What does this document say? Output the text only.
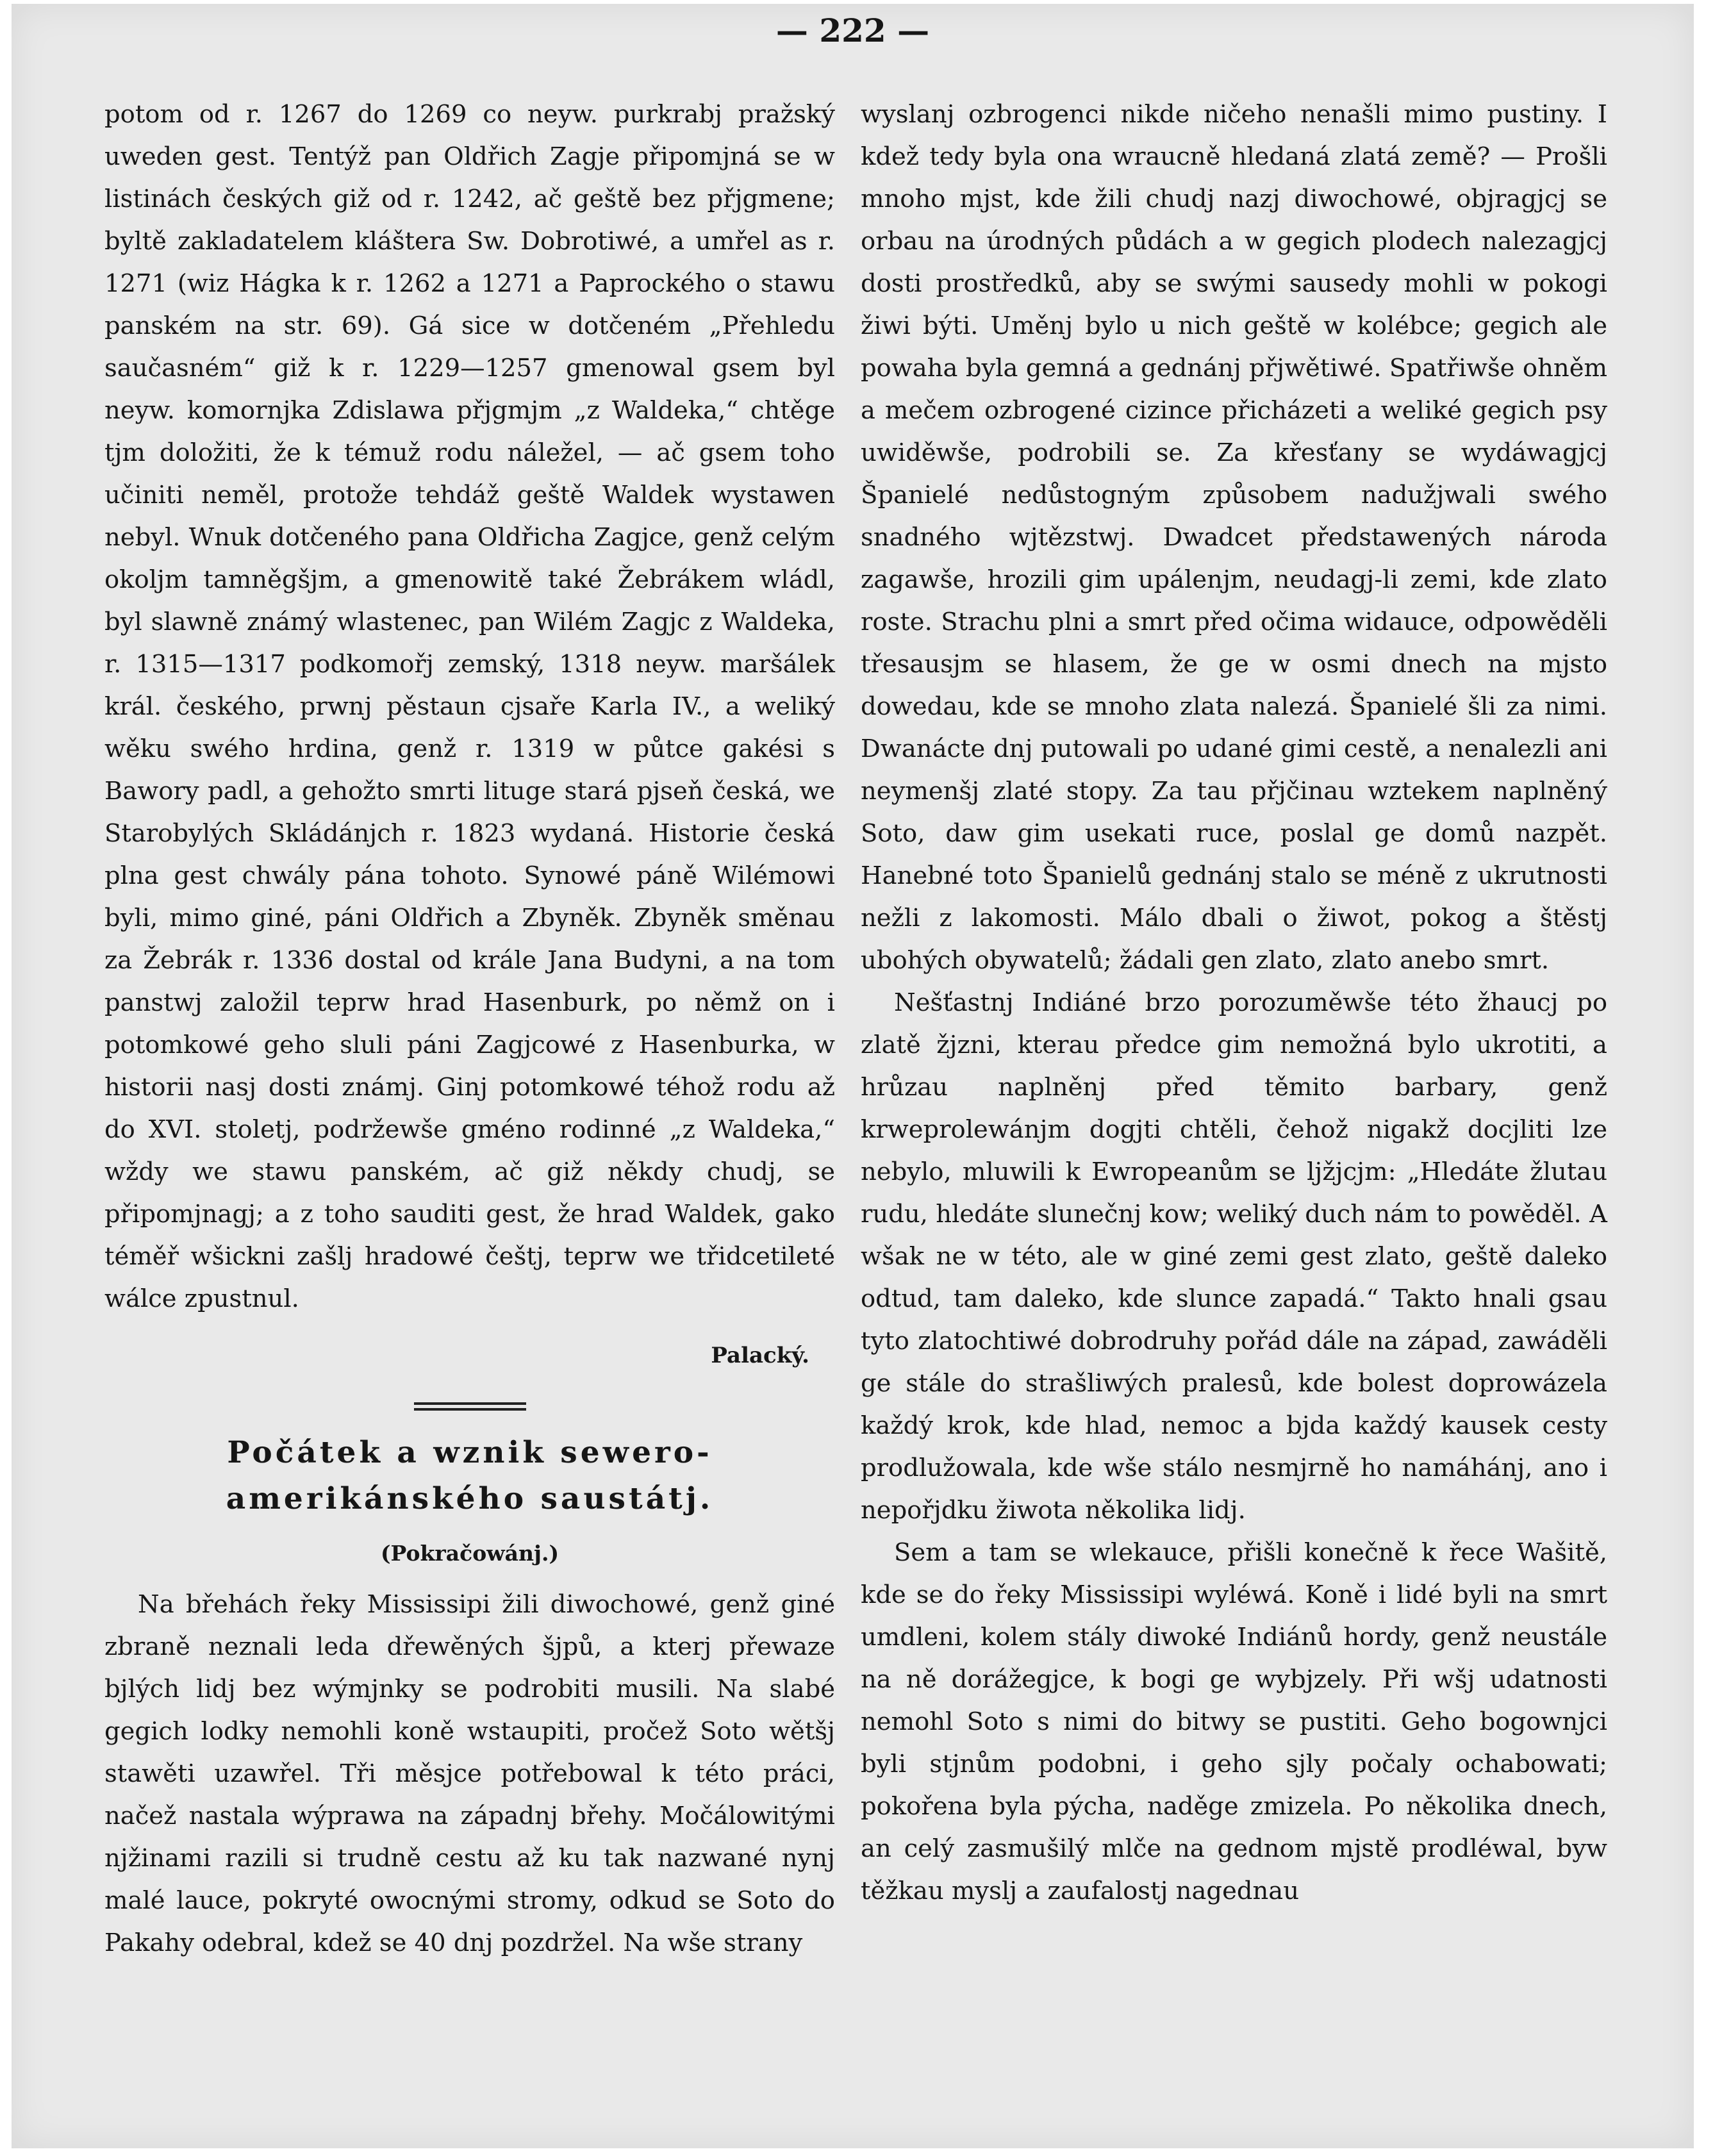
— 222 —

potom od r. 1267 do 1269 co neyw. purkrabj pražský uweden gest. Tentýž pan Oldřich Zagje připomjná se w listinách českých giž od r. 1242, ač geště bez přjgmene; byltě zakladatelem kláštera Sw. Dobrotiwé, a umřel as r. 1271 (wiz Hágka k r. 1262 a 1271 a Paprockého o stawu panském na str. 69). Gá sice w dotčeném „Přehledu saučasném“ giž k r. 1229—1257 gmenowal gsem byl neyw. komornjka Zdislawa přjgmjm „z Waldeka,“ chtěge tjm doložiti, že k témuž rodu náležel, — ač gsem toho učiniti neměl, protože tehdáž geště Waldek wystawen nebyl. Wnuk dotčeného pana Oldřicha Zagjce, genž celým okoljm tamněgšjm, a gmenowitě také Žebrákem wládl, byl slawně známý wlastenec, pan Wilém Zagjc z Waldeka, r. 1315—1317 podkomořj zemský, 1318 neyw. maršálek král. českého, prwnj pěstaun cjsaře Karla IV., a weliký wěku swého hrdina, genž r. 1319 w půtce gakési s Bawory padl, a gehožto smrti lituge stará pjseň česká, we Starobylých Skládánjch r. 1823 wydaná. Historie česká plna gest chwály pána tohoto. Synowé páně Wilémowi byli, mimo giné, páni Oldřich a Zbyněk. Zbyněk směnau za Žebrák r. 1336 dostal od krále Jana Budyni, a na tom panstwj založil teprw hrad Hasenburk, po němž on i potomkowé geho sluli páni Zagjcowé z Hasenburka, w historii nasj dosti známj. Ginj potomkowé téhož rodu až do XVI. stoletj, podržewše gméno rodinné „z Waldeka,“ wždy we stawu panském, ač giž někdy chudj, se připomjnagj; a z toho sauditi gest, že hrad Waldek, gako téměř wšickni zašlj hradowé češtj, teprw we třidcetileté wálce zpustnul.

Palacký.
Počátek a wznik sewero-amerikánského saustátj.
(Pokračowánj.)

Na břehách řeky Mississipi žili diwochowé, genž giné zbraně neznali leda dřewěných šjpů, a kterj přewaze bjlých lidj bez wýmjnky se podrobiti musili. Na slabé gegich lodky nemohli koně wstaupiti, pročež Soto wětšj stawěti uzawřel. Tři měsjce potřebowal k této práci, načež nastala wýprawa na západnj břehy. Močálowitými njžinami razili si trudně cestu až ku tak nazwané nynj malé lauce, pokryté owocnými stromy, odkud se Soto do Pakahy odebral, kdež se 40 dnj pozdržel. Na wše strany

wyslanj ozbrogenci nikde ničeho nenašli mimo pustiny. I kdež tedy byla ona wraucně hledaná zlatá země? — Prošli mnoho mjst, kde žili chudj nazj diwochowé, objragjcj se orbau na úrodných půdách a w gegich plodech nalezagjcj dosti prostředků, aby se swými sausedy mohli w pokogi žiwi býti. Uměnj bylo u nich geště w kolébce; gegich ale powaha byla gemná a gednánj přjwětiwé. Spatřiwše ohněm a mečem ozbrogené cizince přicházeti a weliké gegich psy uwiděwše, podrobili se. Za křesťany se wydáwagjcj Španielé nedůstogným způsobem nadužjwali swého snadného wjtězstwj. Dwadcet předstawených národa zagawše, hrozili gim upálenjm, neudagj-li zemi, kde zlato roste. Strachu plni a smrt před očima widauce, odpowěděli třesausjm se hlasem, že ge w osmi dnech na mjsto dowedau, kde se mnoho zlata nalezá. Španielé šli za nimi. Dwanácte dnj putowali po udané gimi cestě, a nenalezli ani neymenšj zlaté stopy. Za tau přjčinau wztekem naplněný Soto, daw gim usekati ruce, poslal ge domů nazpět. Hanebné toto Španielů gednánj stalo se méně z ukrutnosti nežli z lakomosti. Málo dbali o žiwot, pokog a štěstj ubohých obywatelů; žádali gen zlato, zlato anebo smrt.

Nešťastnj Indiáné brzo porozuměwše této žhaucj po zlatě žjzni, kterau předce gim nemožná bylo ukrotiti, a hrůzau naplněnj před těmito barbary, genž krweprolewánjm dogjti chtěli, čehož nigakž docjliti lze nebylo, mluwili k Ewropeanům se ljžjcjm: „Hledáte žlutau rudu, hledáte slunečnj kow; weliký duch nám to powěděl. A wšak ne w této, ale w giné zemi gest zlato, geště daleko odtud, tam daleko, kde slunce zapadá.“ Takto hnali gsau tyto zlatochtiwé dobrodruhy pořád dále na západ, zawáděli ge stále do strašliwých pralesů, kde bolest doprowázela každý krok, kde hlad, nemoc a bjda každý kausek cesty prodlužowala, kde wše stálo nesmjrně ho namáhánj, ano i nepořjdku žiwota několika lidj.

Sem a tam se wlekauce, přišli konečně k řece Wašitě, kde se do řeky Mississipi wyléwá. Koně i lidé byli na smrt umdleni, kolem stály diwoké Indiánů hordy, genž neustále na ně dorážegjce, k bogi ge wybjzely. Při wšj udatnosti nemohl Soto s nimi do bitwy se pustiti. Geho bogownjci byli stjnům podobni, i geho sjly počaly ochabowati; pokořena byla pýcha, naděge zmizela. Po několika dnech, an celý zasmušilý mlče na gednom mjstě prodléwal, byw těžkau myslj a zaufalostj nagednau
